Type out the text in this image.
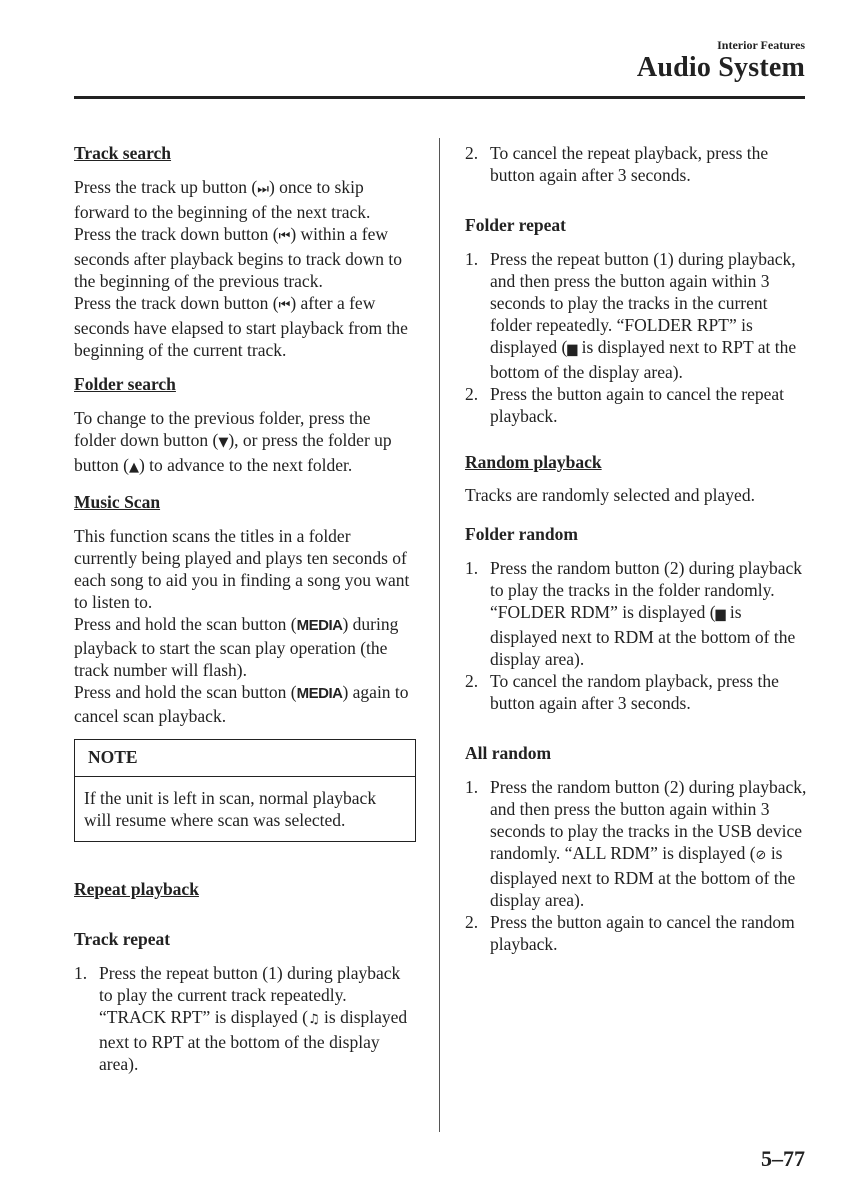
Interior Features
Audio System

Track search

Press the track up button (⏭) once to skip forward to the beginning of the next track.

Press the track down button (⏮) within a few seconds after playback begins to track down to the beginning of the previous track.

Press the track down button (⏮) after a few seconds have elapsed to start playback from the beginning of the current track.

Folder search

To change to the previous folder, press the folder down button (▼), or press the folder up button (▲) to advance to the next folder.

Music Scan

This function scans the titles in a folder currently being played and plays ten seconds of each song to aid you in finding a song you want to listen to.

Press and hold the scan button (MEDIA) during playback to start the scan play operation (the track number will flash).

Press and hold the scan button (MEDIA) again to cancel scan playback.

NOTE
If the unit is left in scan, normal playback will resume where scan was selected.

Repeat playback

Track repeat

1. Press the repeat button (1) during playback to play the current track repeatedly. “TRACK RPT” is displayed (♫ is displayed next to RPT at the bottom of the display area).
2. To cancel the repeat playback, press the button again after 3 seconds.

Folder repeat

1. Press the repeat button (1) during playback, and then press the button again within 3 seconds to play the tracks in the current folder repeatedly. “FOLDER RPT” is displayed (▆ is displayed next to RPT at the bottom of the display area).
2. Press the button again to cancel the repeat playback.

Random playback

Tracks are randomly selected and played.

Folder random

1. Press the random button (2) during playback to play the tracks in the folder randomly. “FOLDER RDM” is displayed (▆ is displayed next to RDM at the bottom of the display area).
2. To cancel the random playback, press the button again after 3 seconds.

All random

1. Press the random button (2) during playback, and then press the button again within 3 seconds to play the tracks in the USB device randomly. “ALL RDM” is displayed (⊘ is displayed next to RDM at the bottom of the display area).
2. Press the button again to cancel the random playback.
5–77
